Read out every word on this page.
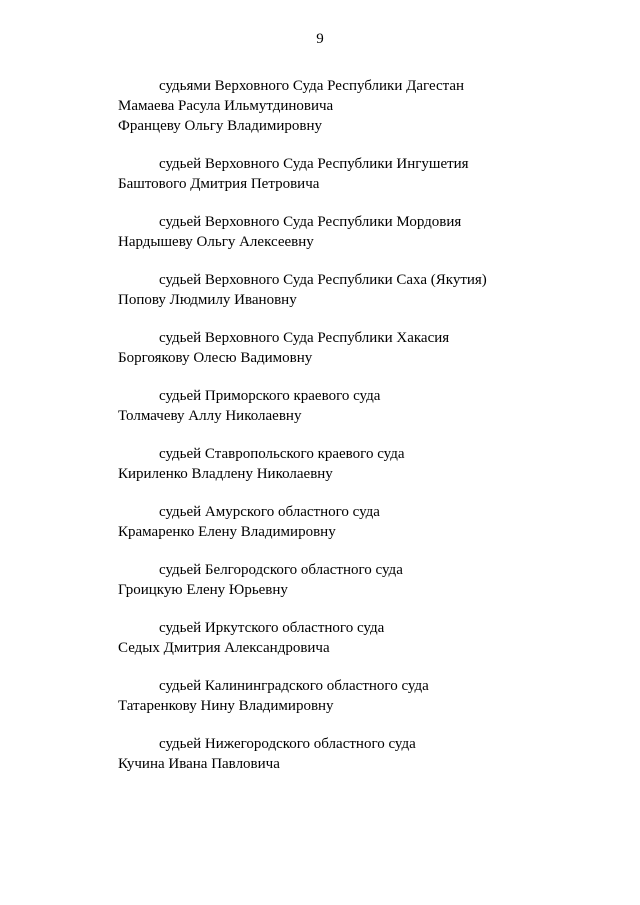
9
судьями Верховного Суда Республики Дагестан
Мамаева Расула Ильмутдиновича
Францеву Ольгу Владимировну
судьей Верховного Суда Республики Ингушетия
Баштового Дмитрия Петровича
судьей Верховного Суда Республики Мордовия
Нардышеву Ольгу Алексеевну
судьей Верховного Суда Республики Саха (Якутия)
Попову Людмилу Ивановну
судьей Верховного Суда Республики Хакасия
Боргоякову Олесю Вадимовну
судьей Приморского краевого суда
Толмачеву Аллу Николаевну
судьей Ставропольского краевого суда
Кириленко Владлену Николаевну
судьей Амурского областного суда
Крамаренко Елену Владимировну
судьей Белгородского областного суда
Гроицкую Елену Юрьевну
судьей Иркутского областного суда
Седых Дмитрия Александровича
судьей Калининградского областного суда
Татаренкову Нину Владимировну
судьей Нижегородского областного суда
Кучина Ивана Павловича
